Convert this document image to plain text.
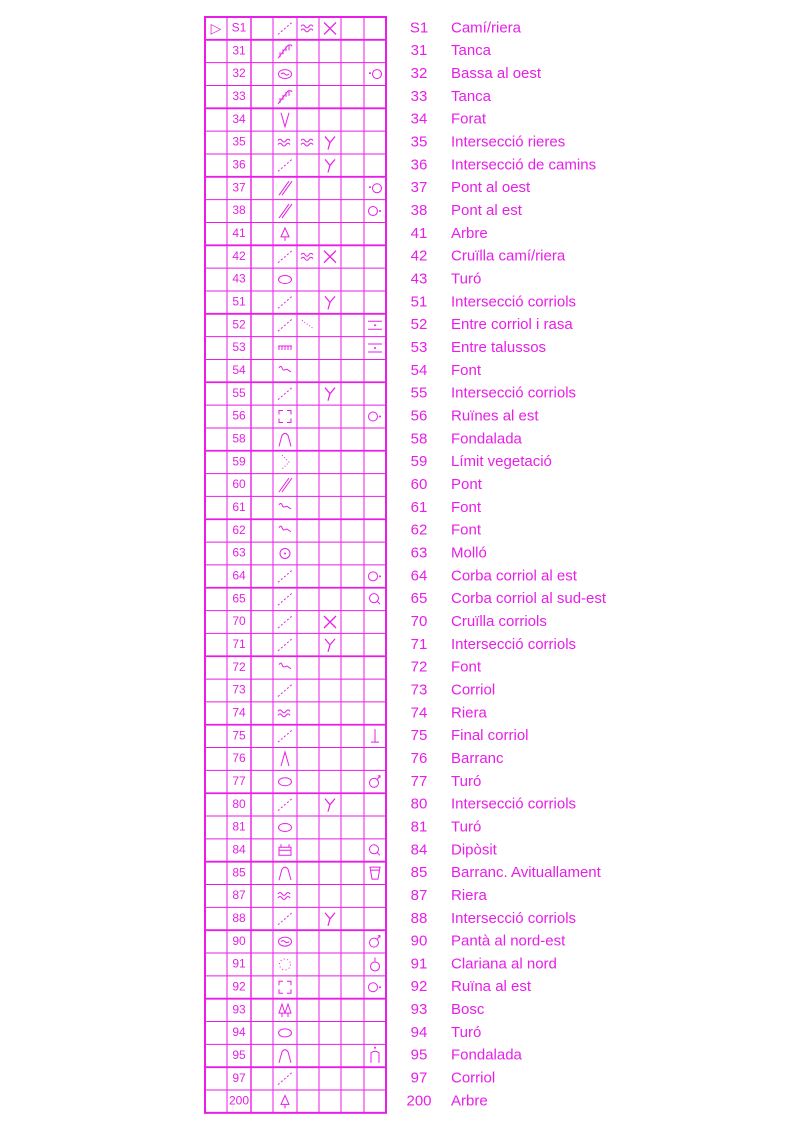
▷ S1
31
32
33
34
35
36
37
38
41
42
43
51
52
53
54
55
56
58
59
60
61
62
63
64
65
70
71
72
73
74
75
76
77
80
81
84
85
87
88
90
91
92
93
94
95
97
200
S1 Camí/riera
31 Tanca
32 Bassa al oest
33 Tanca
34 Forat
35 Intersecció rieres
36 Intersecció de camins
37 Pont al oest
38 Pont al est
41 Arbre
42 Cruïlla camí/riera
43 Turó
51 Intersecció corriols
52 Entre corriol i rasa
53 Entre talussos
54 Font
55 Intersecció corriols
56 Ruïnes al est
58 Fondalada
59 Límit vegetació
60 Pont
61 Font
62 Font
63 Molló
64 Corba corriol al est
65 Corba corriol al sud-est
70 Cruïlla corriols
71 Intersecció corriols
72 Font
73 Corriol
74 Riera
75 Final corriol
76 Barranc
77 Turó
80 Intersecció corriols
81 Turó
84 Dipòsit
85 Barranc. Avituallament
87 Riera
88 Intersecció corriols
90 Pantà al nord-est
91 Clariana al nord
92 Ruïna al est
93 Bosc
94 Turó
95 Fondalada
97 Corriol
200 Arbre
